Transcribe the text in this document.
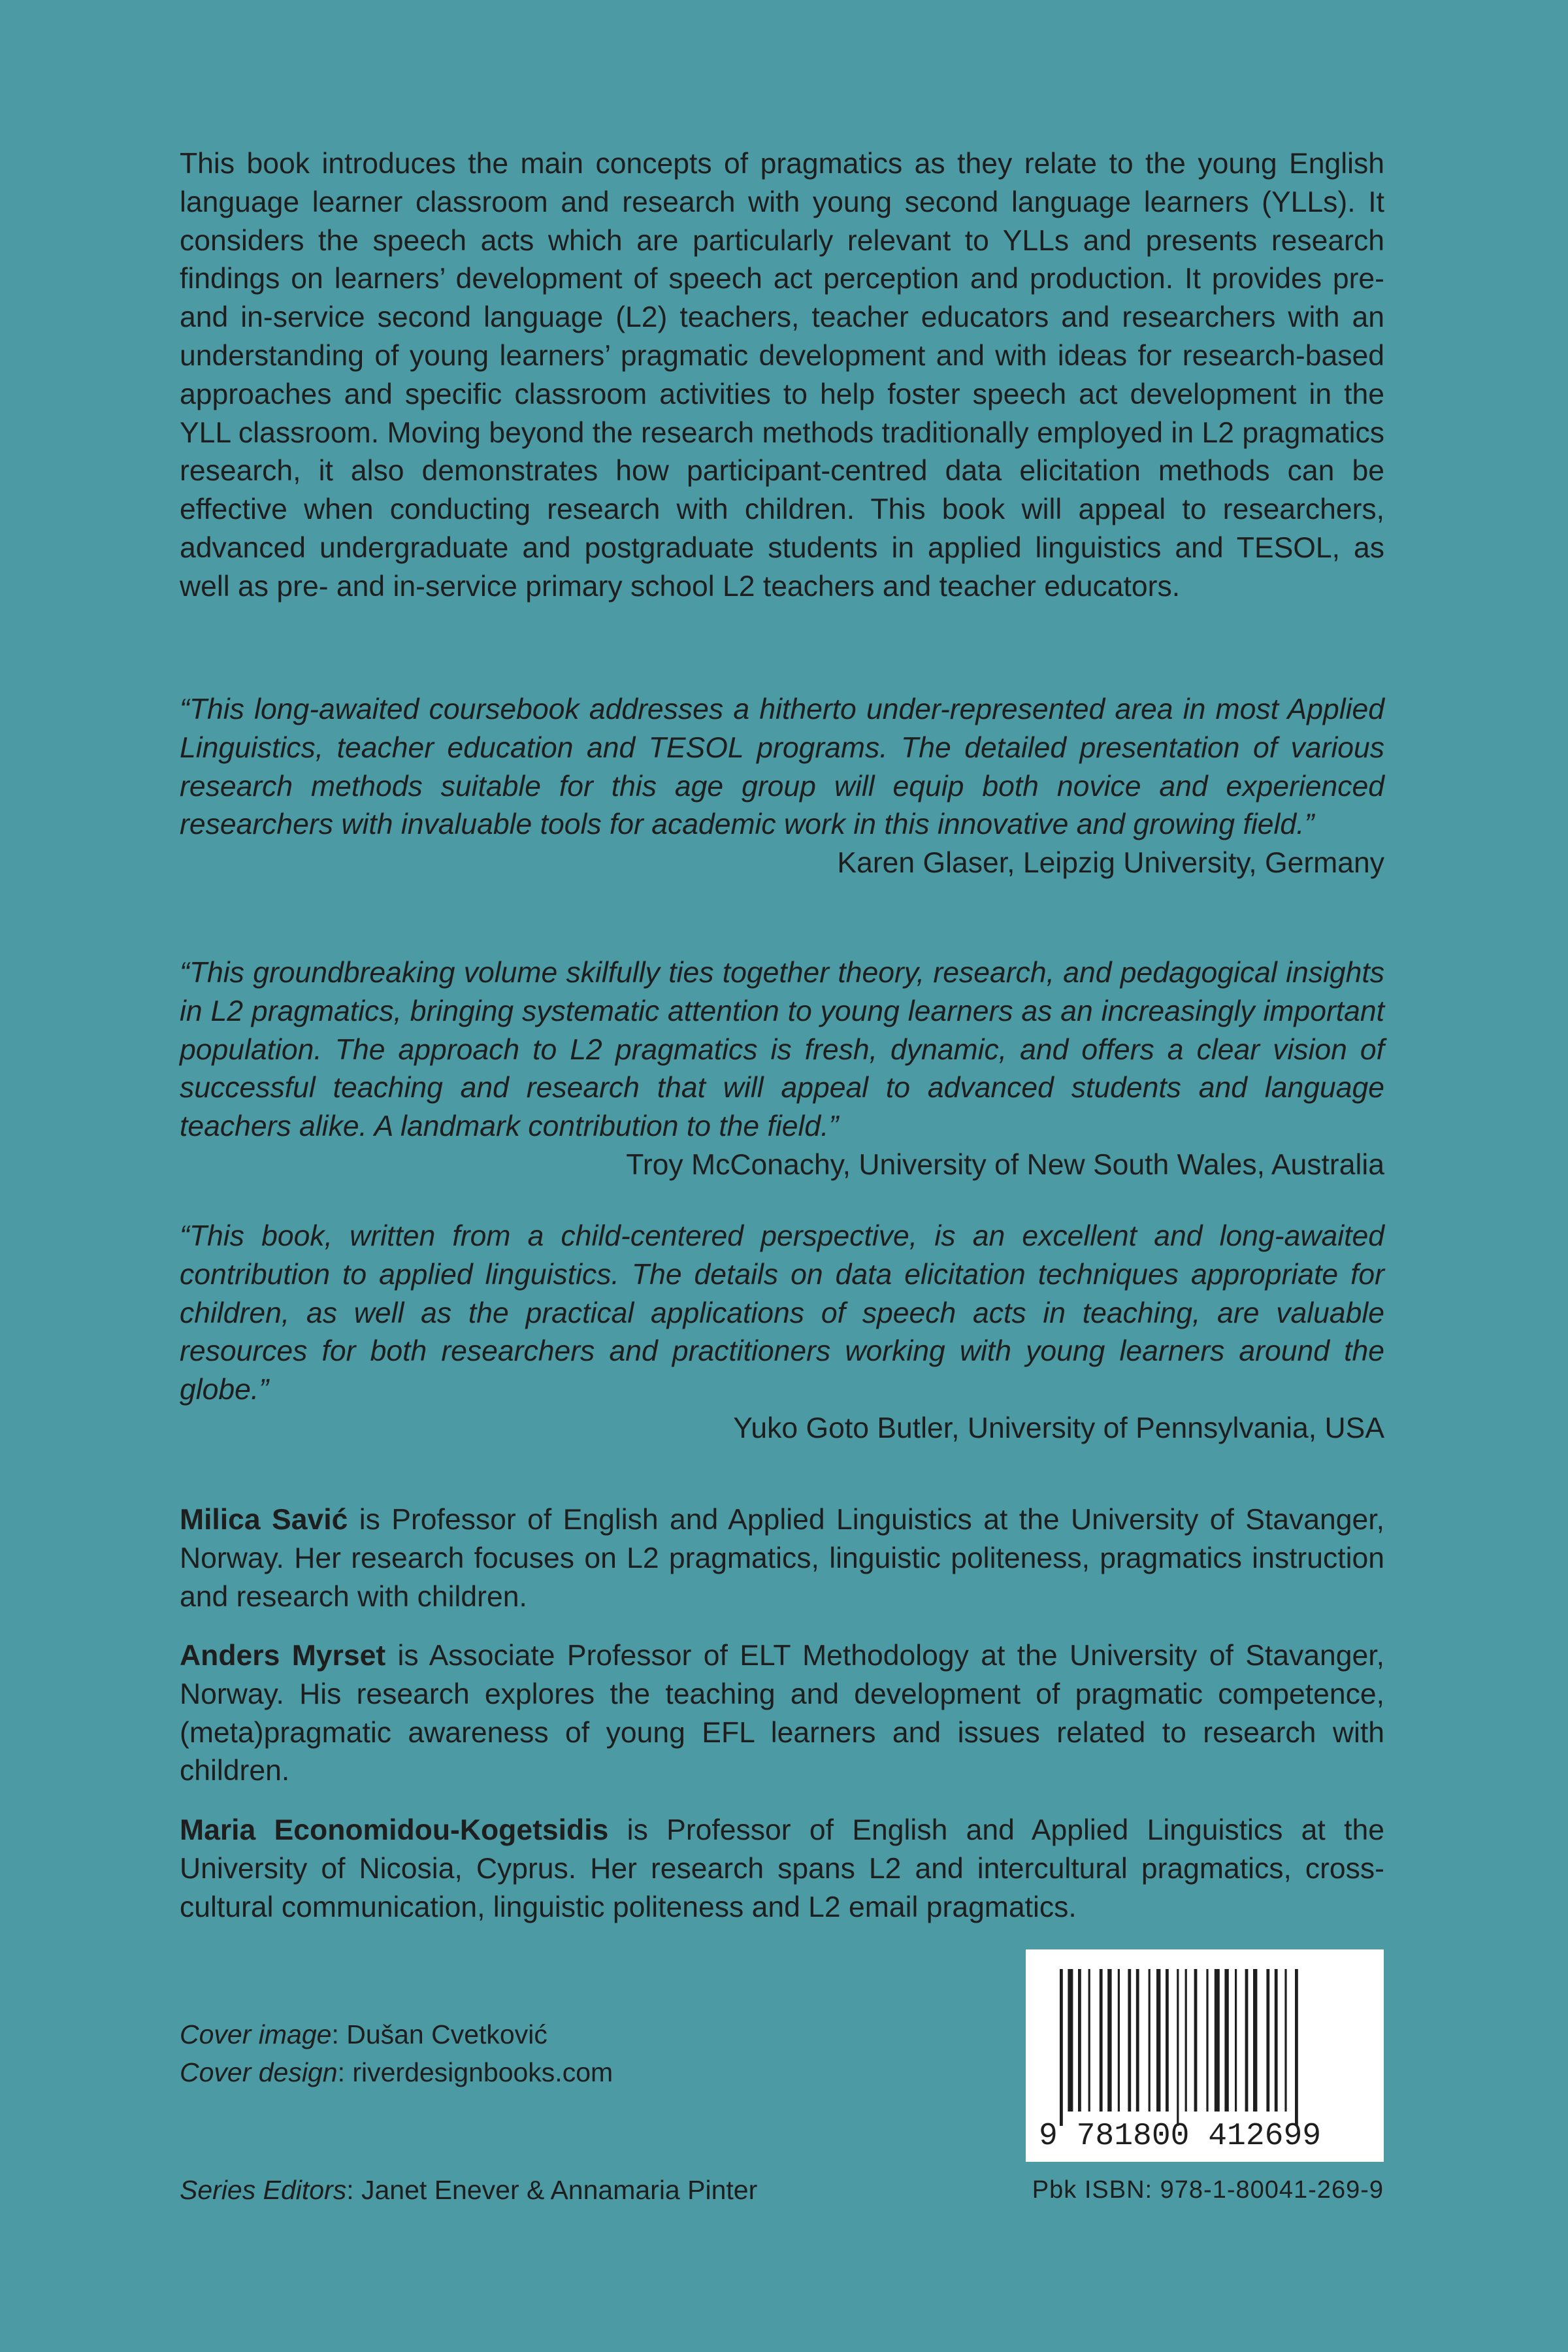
This book introduces the main concepts of pragmatics as they relate to the young English language learner classroom and research with young second language learners (YLLs). It considers the speech acts which are particularly relevant to YLLs and presents research findings on learners’ development of speech act perception and production. It provides pre- and in-service second language (L2) teachers, teacher educators and researchers with an understanding of young learners’ pragmatic development and with ideas for research-based approaches and specific classroom activities to help foster speech act development in the YLL classroom. Moving beyond the research methods traditionally employed in L2 pragmatics research, it also demonstrates how participant-centred data elicitation methods can be effective when conducting research with children. This book will appeal to researchers, advanced undergraduate and postgraduate students in applied linguistics and TESOL, as well as pre- and in-service primary school L2 teachers and teacher educators.

“This long-awaited coursebook addresses a hitherto under-represented area in most Applied Linguistics, teacher education and TESOL programs. The detailed presentation of various research methods suitable for this age group will equip both novice and experienced researchers with invaluable tools for academic work in this innovative and growing field.”

Karen Glaser, Leipzig University, Germany

“This groundbreaking volume skilfully ties together theory, research, and pedagogical insights in L2 pragmatics, bringing systematic attention to young learners as an increasingly important population. The approach to L2 pragmatics is fresh, dynamic, and offers a clear vision of successful teaching and research that will appeal to advanced students and language teachers alike. A landmark contribution to the field.”

Troy McConachy, University of New South Wales, Australia

“This book, written from a child-centered perspective, is an excellent and long-awaited contribution to applied linguistics. The details on data elicitation techniques appropriate for children, as well as the practical applications of speech acts in teaching, are valuable resources for both researchers and practitioners working with young learners around the globe.”

Yuko Goto Butler, University of Pennsylvania, USA

Milica Savić is Professor of English and Applied Linguistics at the University of Stavanger, Norway. Her research focuses on L2 pragmatics, linguistic politeness, pragmatics instruction and research with children.

Anders Myrset is Associate Professor of ELT Methodology at the University of Stavanger, Norway. His research explores the teaching and development of pragmatic competence, (meta)pragmatic awareness of young EFL learners and issues related to research with children.

Maria Economidou-Kogetsidis is Professor of English and Applied Linguistics at the University of Nicosia, Cyprus. Her research spans L2 and intercultural pragmatics, cross-cultural communication, linguistic politeness and L2 email pragmatics.

Cover image: Dušan Cvetković
Cover design: riverdesignbooks.com
Series Editors: Janet Enever & Annamaria Pinter
9 781800 412699
Pbk ISBN: 978-1-80041-269-9
